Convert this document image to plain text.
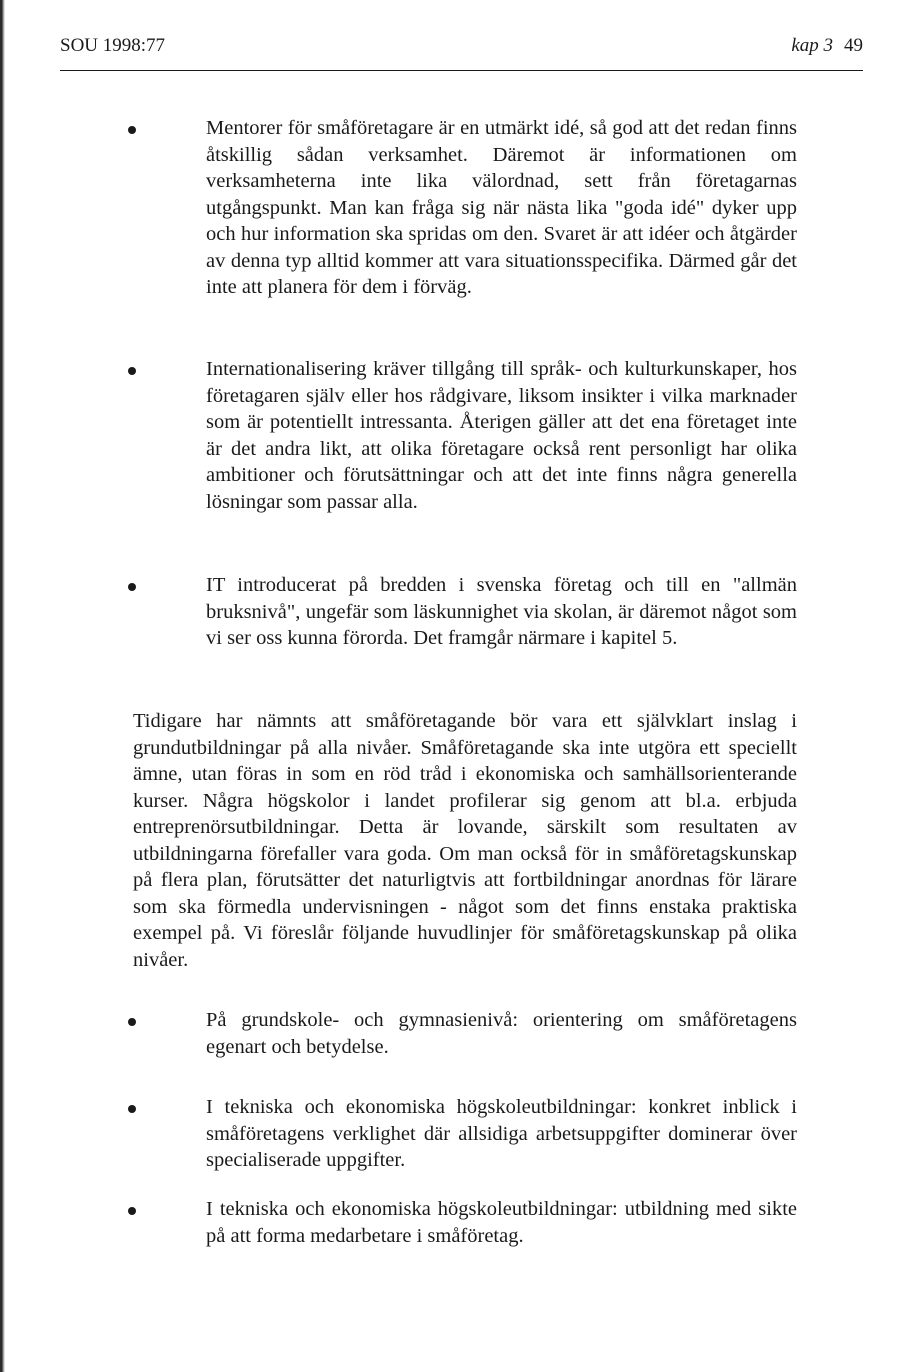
SOU 1998:77	kap 3 49

Mentorer för småföretagare är en utmärkt idé, så god att det redan finns åtskillig sådan verksamhet. Däremot är informationen om verksamheterna inte lika välordnad, sett från företagarnas utgångspunkt. Man kan fråga sig när nästa lika "goda idé" dyker upp och hur information ska spridas om den. Svaret är att idéer och åtgärder av denna typ alltid kommer att vara situationsspecifika. Därmed går det inte att planera för dem i förväg.

Internationalisering kräver tillgång till språk- och kulturkunskaper, hos företagaren själv eller hos rådgivare, liksom insikter i vilka marknader som är potentiellt intressanta. Återigen gäller att det ena företaget inte är det andra likt, att olika företagare också rent personligt har olika ambitioner och förutsättningar och att det inte finns några generella lösningar som passar alla.

IT introducerat på bredden i svenska företag och till en "allmän bruksnivå", ungefär som läskunnighet via skolan, är däremot något som vi ser oss kunna förorda. Det framgår närmare i kapitel 5.

Tidigare har nämnts att småföretagande bör vara ett självklart inslag i grundutbildningar på alla nivåer. Småföretagande ska inte utgöra ett speciellt ämne, utan föras in som en röd tråd i ekonomiska och samhällsorienterande kurser. Några högskolor i landet profilerar sig genom att bl.a. erbjuda entreprenörsutbildningar. Detta är lovande, särskilt som resultaten av utbildningarna förefaller vara goda. Om man också för in småföretagskunskap på flera plan, förutsätter det naturligtvis att fortbildningar anordnas för lärare som ska förmedla undervisningen - något som det finns enstaka praktiska exempel på. Vi föreslår följande huvudlinjer för småföretagskunskap på olika nivåer.

På grundskole- och gymnasienivå: orientering om småföretagens egenart och betydelse.

I tekniska och ekonomiska högskoleutbildningar: konkret inblick i småföretagens verklighet där allsidiga arbetsuppgifter dominerar över specialiserade uppgifter.

I tekniska och ekonomiska högskoleutbildningar: utbildning med sikte på att forma medarbetare i småföretag.
